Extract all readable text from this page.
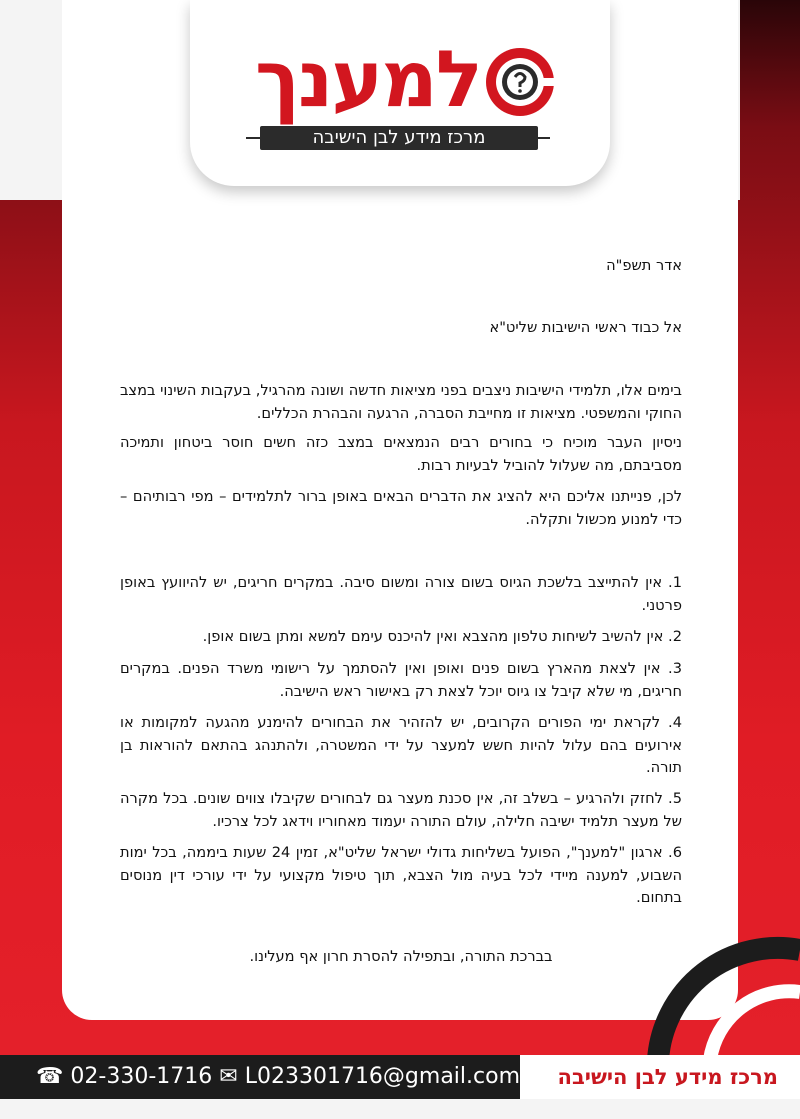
למענך
מרכז מידע לבן הישיבה
אדר תשפ"ה
אל כבוד ראשי הישיבות שליט"א
בימים אלו, תלמידי הישיבות ניצבים בפני מציאות חדשה ושונה מהרגיל, בעקבות השינוי במצב החוקי והמשפטי. מציאות זו מחייבת הסברה, הרגעה והבהרת הכללים.
ניסיון העבר מוכיח כי בחורים רבים הנמצאים במצב כזה חשים חוסר ביטחון ותמיכה מסביבתם, מה שעלול להוביל לבעיות רבות.
לכן, פנייתנו אליכם היא להציג את הדברים הבאים באופן ברור לתלמידים – מפי רבותיהם – כדי למנוע מכשול ותקלה.
1. אין להתייצב בלשכת הגיוס בשום צורה ומשום סיבה. במקרים חריגים, יש להיוועץ באופן פרטני.
2. אין להשיב לשיחות טלפון מהצבא ואין להיכנס עימם למשא ומתן בשום אופן.
3. אין לצאת מהארץ בשום פנים ואופן ואין להסתמך על רישומי משרד הפנים. במקרים חריגים, מי שלא קיבל צו גיוס יוכל לצאת רק באישור ראש הישיבה.
4. לקראת ימי הפורים הקרובים, יש להזהיר את הבחורים להימנע מהגעה למקומות או אירועים בהם עלול להיות חשש למעצר על ידי המשטרה, ולהתנהג בהתאם להוראות בן תורה.
5. לחזק ולהרגיע – בשלב זה, אין סכנת מעצר גם לבחורים שקיבלו צווים שונים. בכל מקרה של מעצר תלמיד ישיבה חלילה, עולם התורה יעמוד מאחוריו וידאג לכל צרכיו.
6. ארגון "למענך", הפועל בשליחות גדולי ישראל שליט"א, זמין 24 שעות ביממה, בכל ימות השבוע, למענה מיידי לכל בעיה מול הצבא, תוך טיפול מקצועי על ידי עורכי דין מנוסים בתחום.
בברכת התורה, ובתפילה להסרת חרון אף מעלינו.
מרכז מידע לבן הישיבה
☎ 02-330-1716 ✉ L023301716@gmail.com
